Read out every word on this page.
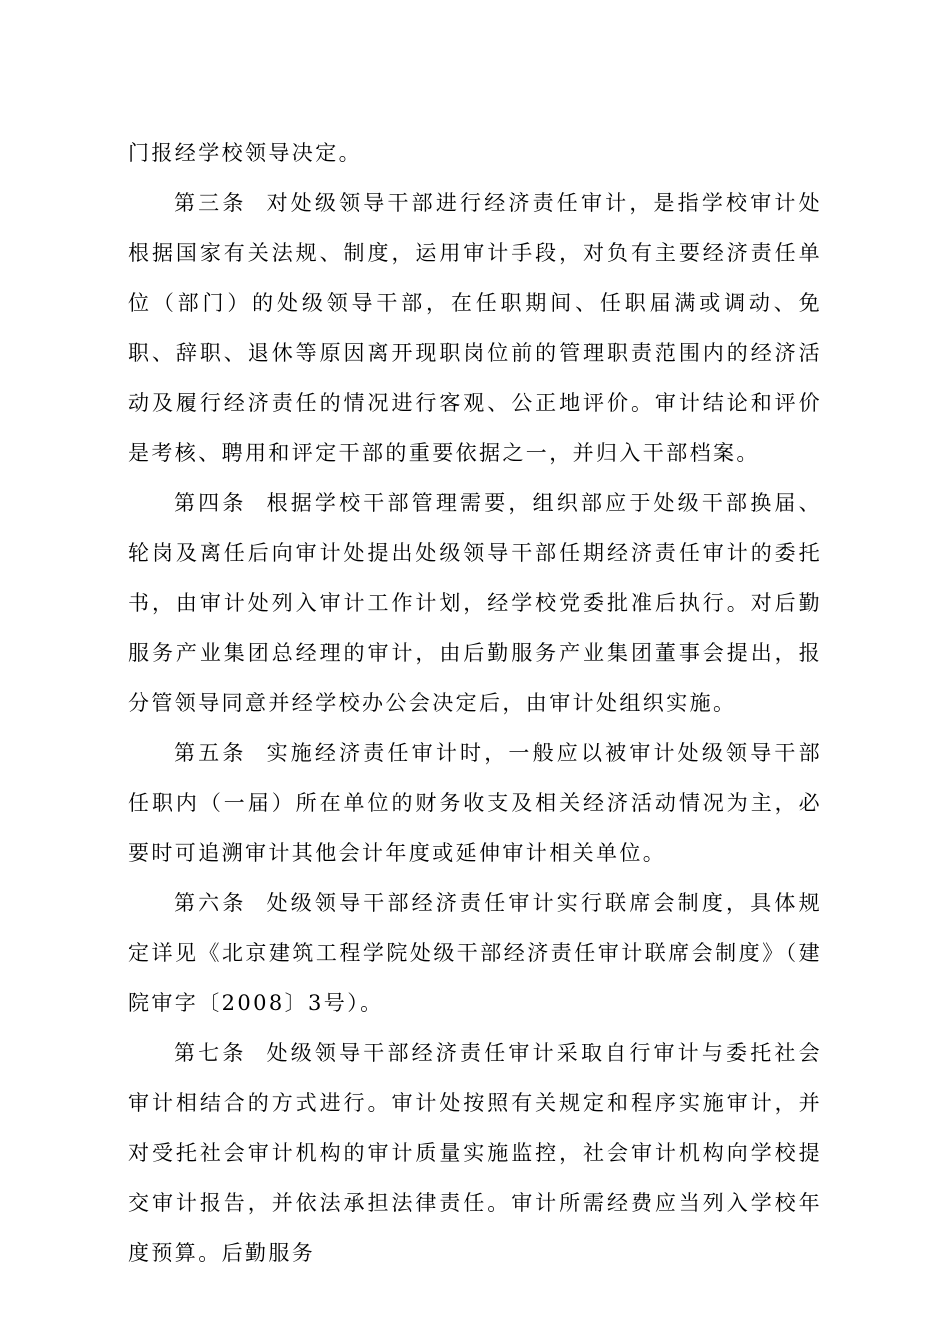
门报经学校领导决定。

第三条 对处级领导干部进行经济责任审计，是指学校审计处根据国家有关法规、制度，运用审计手段，对负有主要经济责任单位（部门）的处级领导干部，在任职期间、任职届满或调动、免职、辞职、退休等原因离开现职岗位前的管理职责范围内的经济活动及履行经济责任的情况进行客观、公正地评价。审计结论和评价是考核、聘用和评定干部的重要依据之一，并归入干部档案。

第四条 根据学校干部管理需要，组织部应于处级干部换届、轮岗及离任后向审计处提出处级领导干部任期经济责任审计的委托书，由审计处列入审计工作计划，经学校党委批准后执行。对后勤服务产业集团总经理的审计，由后勤服务产业集团董事会提出，报分管领导同意并经学校办公会决定后，由审计处组织实施。

第五条 实施经济责任审计时，一般应以被审计处级领导干部任职内（一届）所在单位的财务收支及相关经济活动情况为主，必要时可追溯审计其他会计年度或延伸审计相关单位。

第六条 处级领导干部经济责任审计实行联席会制度，具体规定详见《北京建筑工程学院处级干部经济责任审计联席会制度》（建院审字〔2008〕3号）。

第七条 处级领导干部经济责任审计采取自行审计与委托社会审计相结合的方式进行。审计处按照有关规定和程序实施审计，并对受托社会审计机构的审计质量实施监控，社会审计机构向学校提交审计报告，并依法承担法律责任。审计所需经费应当列入学校年度预算。后勤服务
